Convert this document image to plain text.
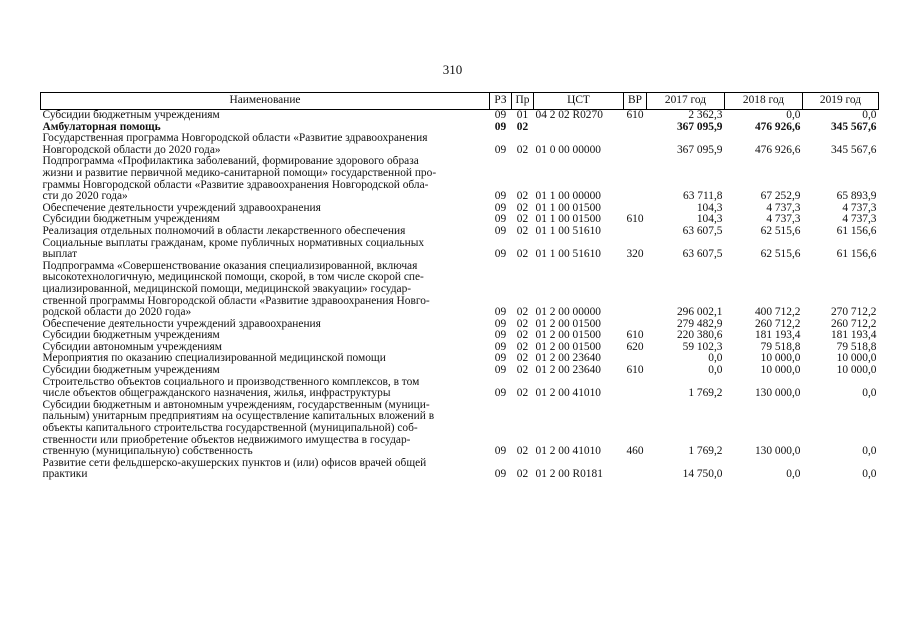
310
Наименование	РЗ	Пр	ЦСТ	ВР	2017 год	2018 год	2019 год

Субсидии бюджетным учреждениям	09	01	04 2 02 R0270	610	2 362,3	0,0	0,0

Амбулаторная помощь	09	02			367 095,9	476 926,6	345 567,6

Государственная программа Новгородской области «Развитие здравоохранения
Новгородской области до 2020 года»	09	02	01 0 00 00000		367 095,9	476 926,6	345 567,6

Подпрограмма «Профилактика заболеваний, формирование здорового образа
жизни и развитие первичной медико-санитарной помощи» государственной про-
граммы Новгородской области «Развитие здравоохранения Новгородской обла-
сти до 2020 года»	09	02	01 1 00 00000		63 711,8	67 252,9	65 893,9

Обеспечение деятельности учреждений здравоохранения	09	02	01 1 00 01500		104,3	4 737,3	4 737,3

Субсидии бюджетным учреждениям	09	02	01 1 00 01500	610	104,3	4 737,3	4 737,3

Реализация отдельных полномочий в области лекарственного обеспечения	09	02	01 1 00 51610		63 607,5	62 515,6	61 156,6

Социальные выплаты гражданам, кроме публичных нормативных социальных
выплат	09	02	01 1 00 51610	320	63 607,5	62 515,6	61 156,6

Подпрограмма «Совершенствование оказания специализированной, включая
высокотехнологичную, медицинской помощи, скорой, в том числе скорой спе-
циализированной, медицинской помощи, медицинской эвакуации» государ-
ственной программы Новгородской области «Развитие здравоохранения Новго-
родской области до 2020 года»	09	02	01 2 00 00000		296 002,1	400 712,2	270 712,2

Обеспечение деятельности учреждений здравоохранения	09	02	01 2 00 01500		279 482,9	260 712,2	260 712,2

Субсидии бюджетным учреждениям	09	02	01 2 00 01500	610	220 380,6	181 193,4	181 193,4

Субсидии автономным учреждениям	09	02	01 2 00 01500	620	59 102,3	79 518,8	79 518,8

Мероприятия по оказанию специализированной медицинской помощи	09	02	01 2 00 23640		0,0	10 000,0	10 000,0

Субсидии бюджетным учреждениям	09	02	01 2 00 23640	610	0,0	10 000,0	10 000,0

Строительство объектов социального и производственного комплексов, в том
числе объектов общегражданского назначения, жилья, инфраструктуры	09	02	01 2 00 41010		1 769,2	130 000,0	0,0

Субсидии бюджетным и автономным учреждениям, государственным (муници-
пальным) унитарным предприятиям на осуществление капитальных вложений в
объекты капитального строительства государственной (муниципальной) соб-
ственности или приобретение объектов недвижимого имущества в государ-
ственную (муниципальную) собственность	09	02	01 2 00 41010	460	1 769,2	130 000,0	0,0

Развитие сети фельдшерско-акушерских пунктов и (или) офисов врачей общей
практики	09	02	01 2 00 R0181		14 750,0	0,0	0,0
